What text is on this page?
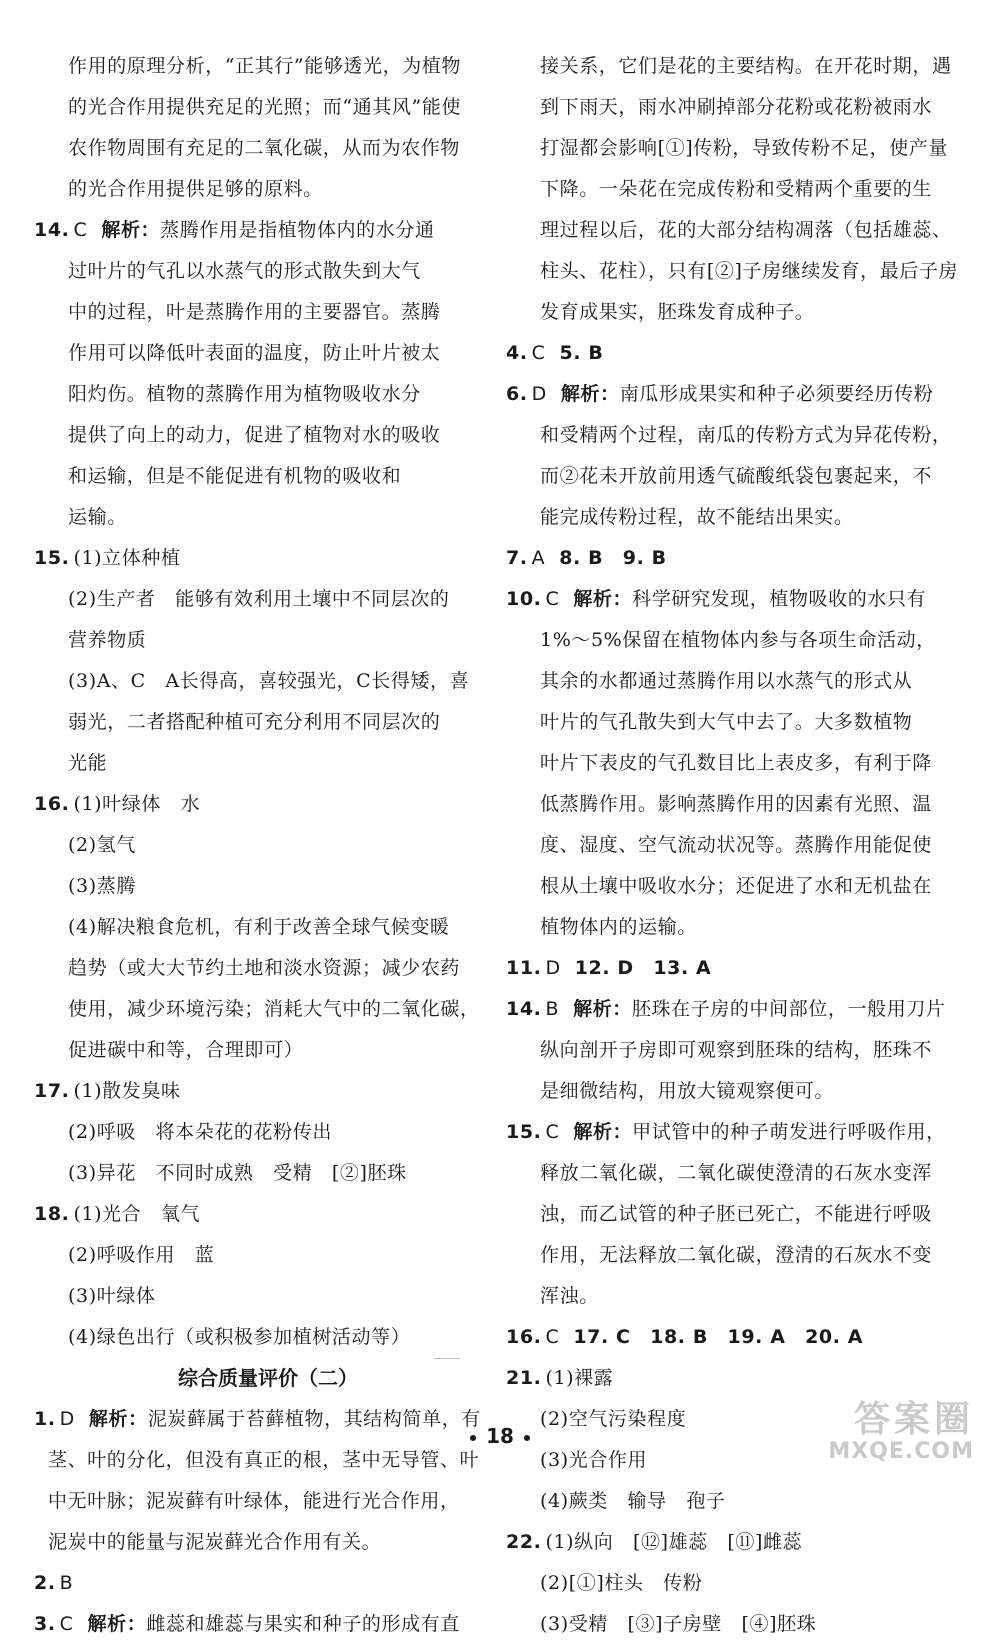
作用的原理分析，“正其行”能够透光，为植物
的光合作用提供充足的光照；而“通其风”能使
农作物周围有充足的二氧化碳，从而为农作物
的光合作用提供足够的原料。
14. C 解析：蒸腾作用是指植物体内的水分通
过叶片的气孔以水蒸气的形式散失到大气
中的过程，叶是蒸腾作用的主要器官。蒸腾
作用可以降低叶表面的温度，防止叶片被太
阳灼伤。植物的蒸腾作用为植物吸收水分
提供了向上的动力，促进了植物对水的吸收
和运输，但是不能促进有机物的吸收和
运输。
15. (1)立体种植
(2)生产者　能够有效利用土壤中不同层次的
营养物质
(3)A、C　A长得高，喜较强光，C长得矮，喜
弱光，二者搭配种植可充分利用不同层次的
光能
16. (1)叶绿体　水
(2)氢气
(3)蒸腾
(4)解决粮食危机，有利于改善全球气候变暖
趋势（或大大节约土地和淡水资源；减少农药
使用，减少环境污染；消耗大气中的二氧化碳，
促进碳中和等，合理即可）
17. (1)散发臭味
(2)呼吸　将本朵花的花粉传出
(3)异花　不同时成熟　受精　[②]胚珠
18. (1)光合　氧气
(2)呼吸作用　蓝
(3)叶绿体
(4)绿色出行（或积极参加植树活动等）
综合质量评价（二）
1. D 解析：泥炭藓属于苔藓植物，其结构简单，有
茎、叶的分化，但没有真正的根，茎中无导管、叶
中无叶脉；泥炭藓有叶绿体，能进行光合作用，
泥炭中的能量与泥炭藓光合作用有关。
2. B
3. C 解析：雌蕊和雄蕊与果实和种子的形成有直
接关系，它们是花的主要结构。在开花时期，遇
到下雨天，雨水冲刷掉部分花粉或花粉被雨水
打湿都会影响[①]传粉，导致传粉不足，使产量
下降。一朵花在完成传粉和受精两个重要的生
理过程以后，花的大部分结构凋落（包括雄蕊、
柱头、花柱），只有[②]子房继续发育，最后子房
发育成果实，胚珠发育成种子。
4. C 5. B
6. D 解析：南瓜形成果实和种子必须要经历传粉
和受精两个过程，南瓜的传粉方式为异花传粉，
而②花未开放前用透气硫酸纸袋包裹起来，不
能完成传粉过程，故不能结出果实。
7. A 8. B　9. B
10. C 解析：科学研究发现，植物吸收的水只有
1%～5%保留在植物体内参与各项生命活动，
其余的水都通过蒸腾作用以水蒸气的形式从
叶片的气孔散失到大气中去了。大多数植物
叶片下表皮的气孔数目比上表皮多，有利于降
低蒸腾作用。影响蒸腾作用的因素有光照、温
度、湿度、空气流动状况等。蒸腾作用能促使
根从土壤中吸收水分；还促进了水和无机盐在
植物体内的运输。
11. D 12. D　13. A
14. B 解析：胚珠在子房的中间部位，一般用刀片
纵向剖开子房即可观察到胚珠的结构，胚珠不
是细微结构，用放大镜观察便可。
15. C 解析：甲试管中的种子萌发进行呼吸作用，
释放二氧化碳，二氧化碳使澄清的石灰水变浑
浊，而乙试管的种子胚已死亡，不能进行呼吸
作用，无法释放二氧化碳，澄清的石灰水不变
浑浊。
16. C 17. C　18. B　19. A　20. A
21. (1)裸露
(2)空气污染程度
(3)光合作用
(4)蕨类　输导　孢子
22. (1)纵向　[⑫]雄蕊　[⑪]雌蕊
(2)[①]柱头　传粉
(3)受精　[③]子房壁　[④]胚珠
18	答案圈
MXQE.COM
